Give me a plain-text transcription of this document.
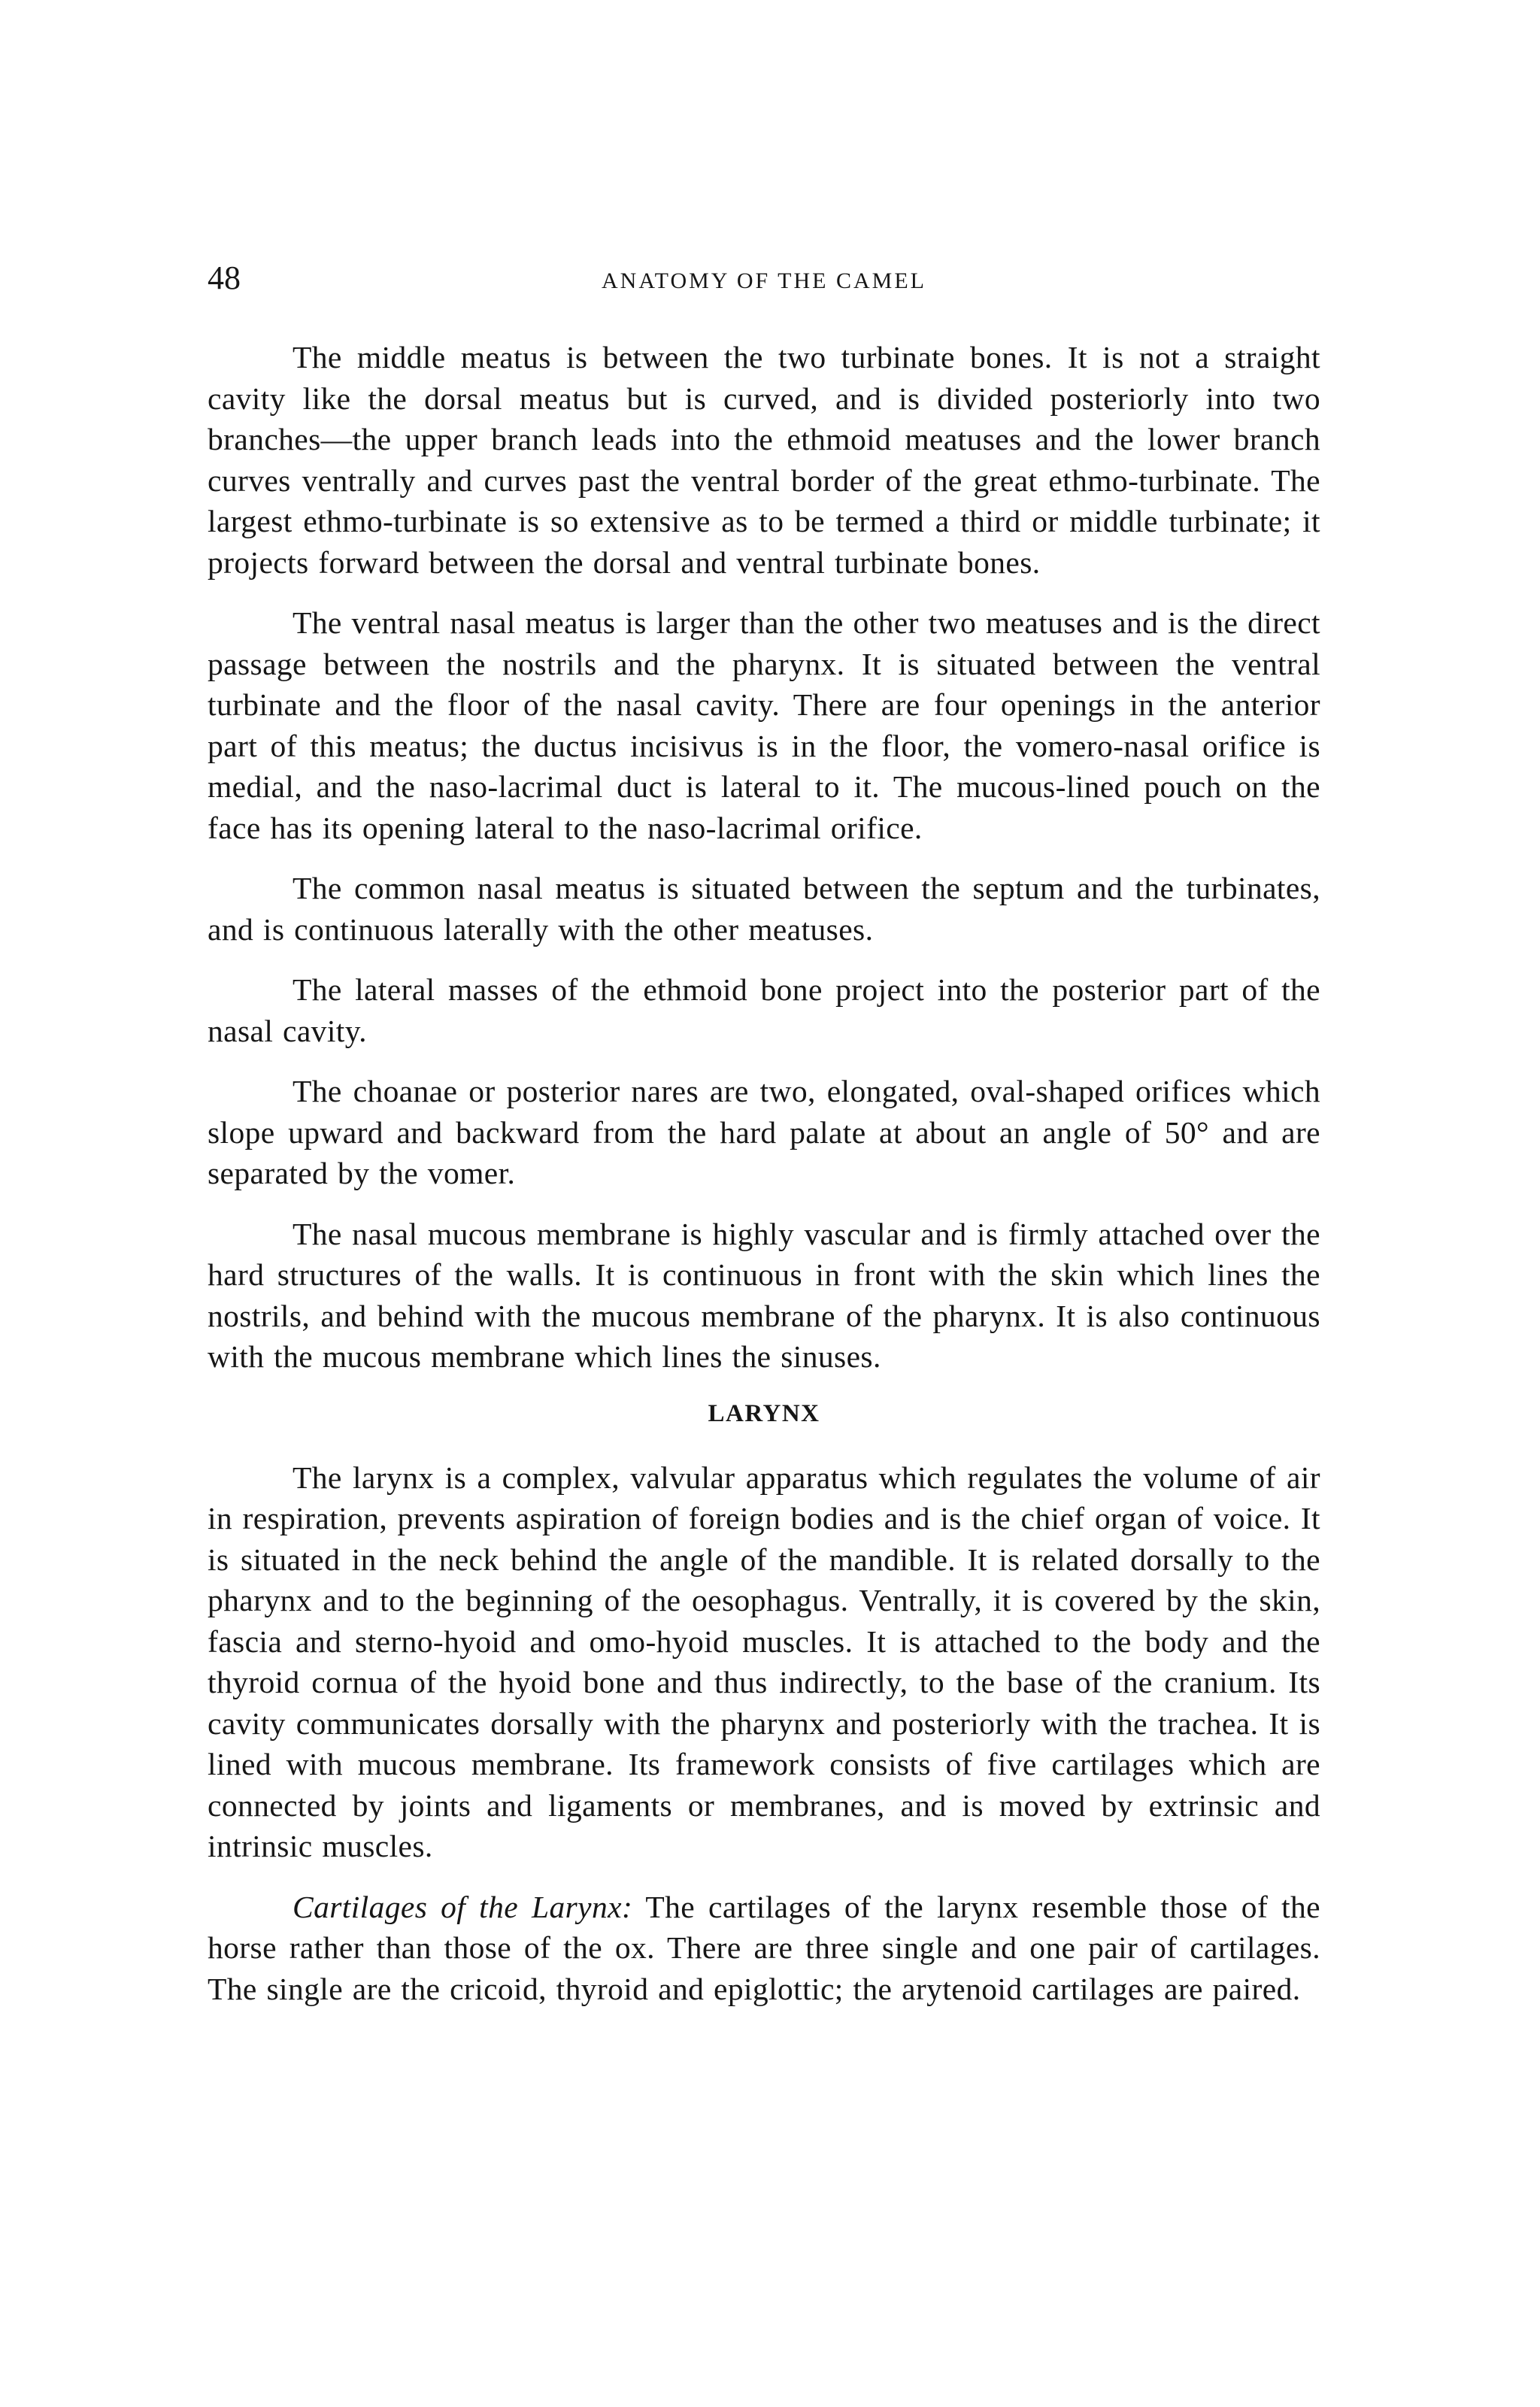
48	ANATOMY OF THE CAMEL

The middle meatus is between the two turbinate bones. It is not a straight cavity like the dorsal meatus but is curved, and is divided posteriorly into two branches—the upper branch leads into the ethmoid meatuses and the lower branch curves ventrally and curves past the ventral border of the great ethmo-turbinate. The largest ethmo-turbinate is so extensive as to be termed a third or middle turbinate; it projects forward between the dorsal and ventral turbinate bones.

The ventral nasal meatus is larger than the other two meatuses and is the direct passage between the nostrils and the pharynx. It is situated between the ventral turbinate and the floor of the nasal cavity. There are four openings in the anterior part of this meatus; the ductus incisivus is in the floor, the vomero-nasal orifice is medial, and the naso-lacrimal duct is lateral to it. The mucous-lined pouch on the face has its opening lateral to the naso-lacrimal orifice.

The common nasal meatus is situated between the septum and the turbinates, and is continuous laterally with the other meatuses.

The lateral masses of the ethmoid bone project into the posterior part of the nasal cavity.

The choanae or posterior nares are two, elongated, oval-shaped orifices which slope upward and backward from the hard palate at about an angle of 50° and are separated by the vomer.

The nasal mucous membrane is highly vascular and is firmly attached over the hard structures of the walls. It is continuous in front with the skin which lines the nostrils, and behind with the mucous membrane of the pharynx. It is also continuous with the mucous membrane which lines the sinuses.

LARYNX

The larynx is a complex, valvular apparatus which regulates the volume of air in respiration, prevents aspiration of foreign bodies and is the chief organ of voice. It is situated in the neck behind the angle of the mandible. It is related dorsally to the pharynx and to the beginning of the oesophagus. Ventrally, it is covered by the skin, fascia and sterno-hyoid and omo-hyoid muscles. It is attached to the body and the thyroid cornua of the hyoid bone and thus indirectly, to the base of the cranium. Its cavity communicates dorsally with the pharynx and posteriorly with the trachea. It is lined with mucous membrane. Its framework consists of five cartilages which are connected by joints and ligaments or membranes, and is moved by extrinsic and intrinsic muscles.

Cartilages of the Larynx: The cartilages of the larynx resemble those of the horse rather than those of the ox. There are three single and one pair of cartilages. The single are the cricoid, thyroid and epiglottic; the arytenoid cartilages are paired.
